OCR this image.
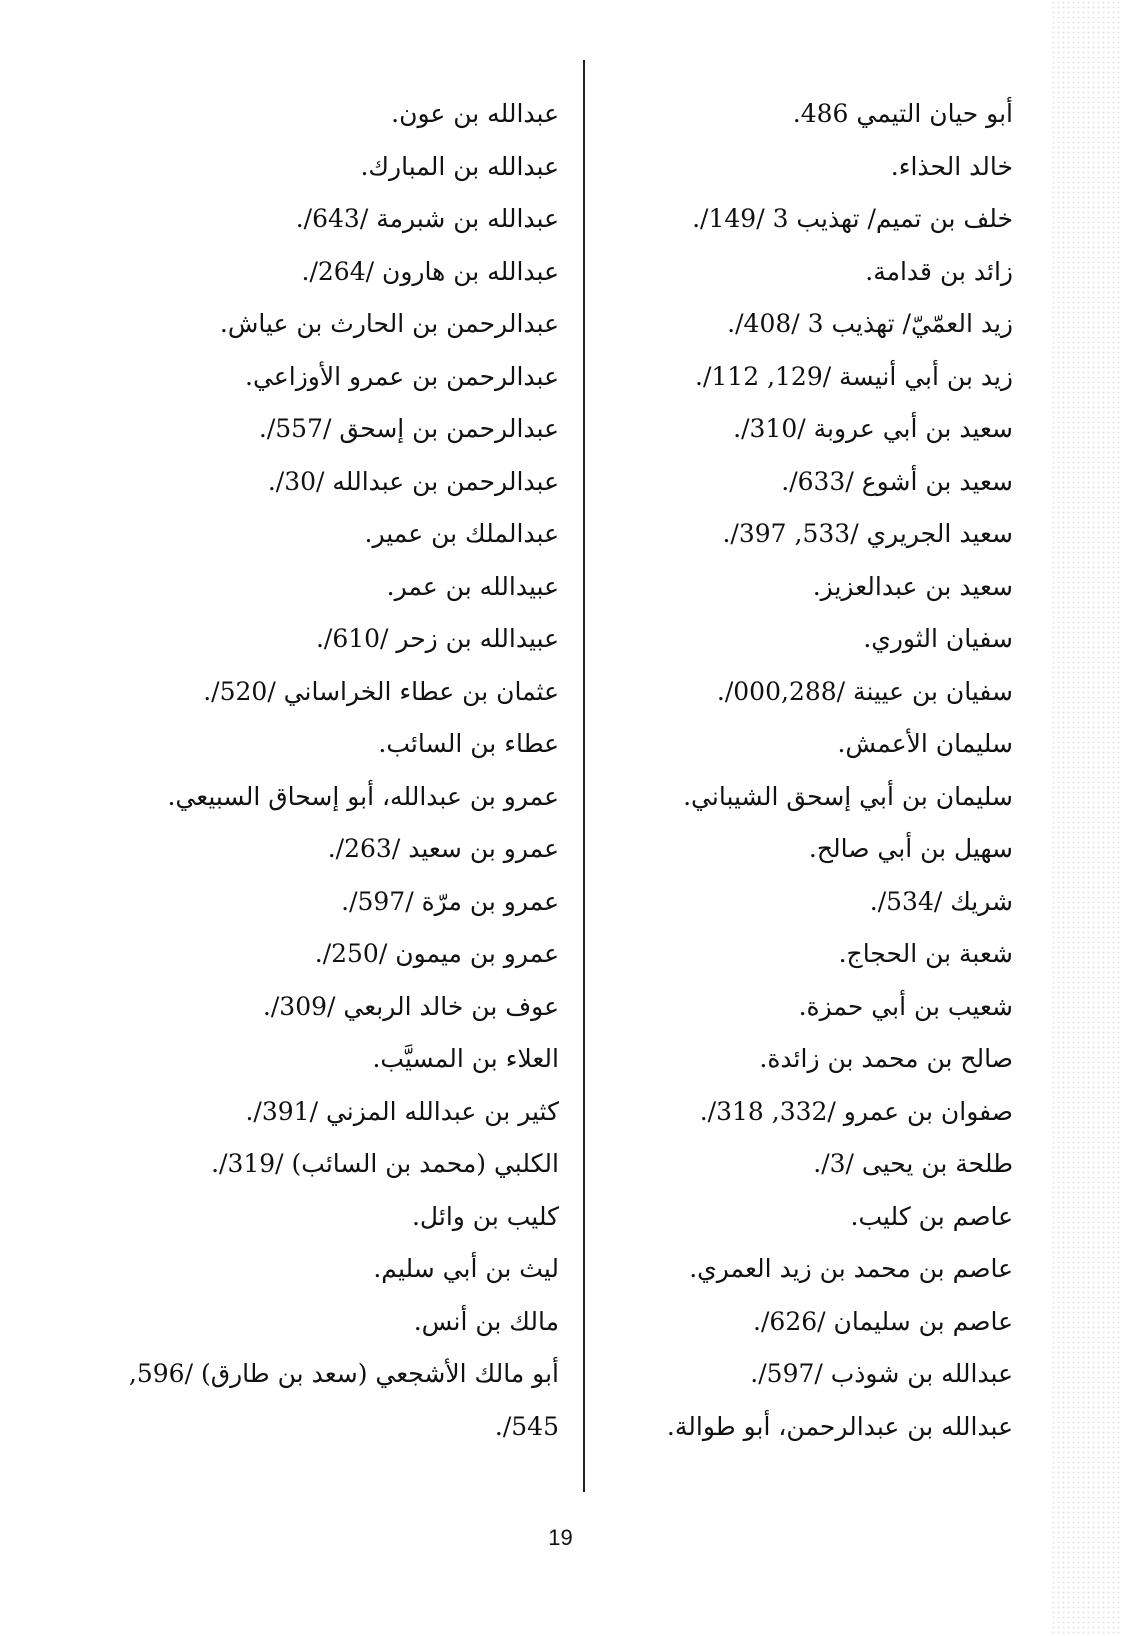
أبو حيان التيمي 486.
خالد الحذاء.
خلف بن تميم/ تهذيب 3 /149/.
زائد بن قدامة.
زيد العمّيّ/ تهذيب 3 /408/.
زيد بن أبي أنيسة /129, 112/.
سعيد بن أبي عروبة /310/.
سعيد بن أشوع /633/.
سعيد الجريري /533, 397/.
سعيد بن عبدالعزيز.
سفيان الثوري.
سفيان بن عيينة /000,288/.
سليمان الأعمش.
سليمان بن أبي إسحق الشيباني.
سهيل بن أبي صالح.
شريك /534/.
شعبة بن الحجاج.
شعيب بن أبي حمزة.
صالح بن محمد بن زائدة.
صفوان بن عمرو /332, 318/.
طلحة بن يحيى /3/.
عاصم بن كليب.
عاصم بن محمد بن زيد العمري.
عاصم بن سليمان /626/.
عبدالله بن شوذب /597/.
عبدالله بن عبدالرحمن، أبو طوالة.
عبدالله بن عون.
عبدالله بن المبارك.
عبدالله بن شبرمة /643/.
عبدالله بن هارون /264/.
عبدالرحمن بن الحارث بن عياش.
عبدالرحمن بن عمرو الأوزاعي.
عبدالرحمن بن إسحق /557/.
عبدالرحمن بن عبدالله /30/.
عبدالملك بن عمير.
عبيدالله بن عمر.
عبيدالله بن زحر /610/.
عثمان بن عطاء الخراساني /520/.
عطاء بن السائب.
عمرو بن عبدالله، أبو إسحاق السبيعي.
عمرو بن سعيد /263/.
عمرو بن مرّة /597/.
عمرو بن ميمون /250/.
عوف بن خالد الربعي /309/.
العلاء بن المسيَّب.
كثير بن عبدالله المزني /391/.
الكلبي (محمد بن السائب) /319/.
كليب بن وائل.
ليث بن أبي سليم.
مالك بن أنس.
أبو مالك الأشجعي (سعد بن طارق) /596, 545/.
19
